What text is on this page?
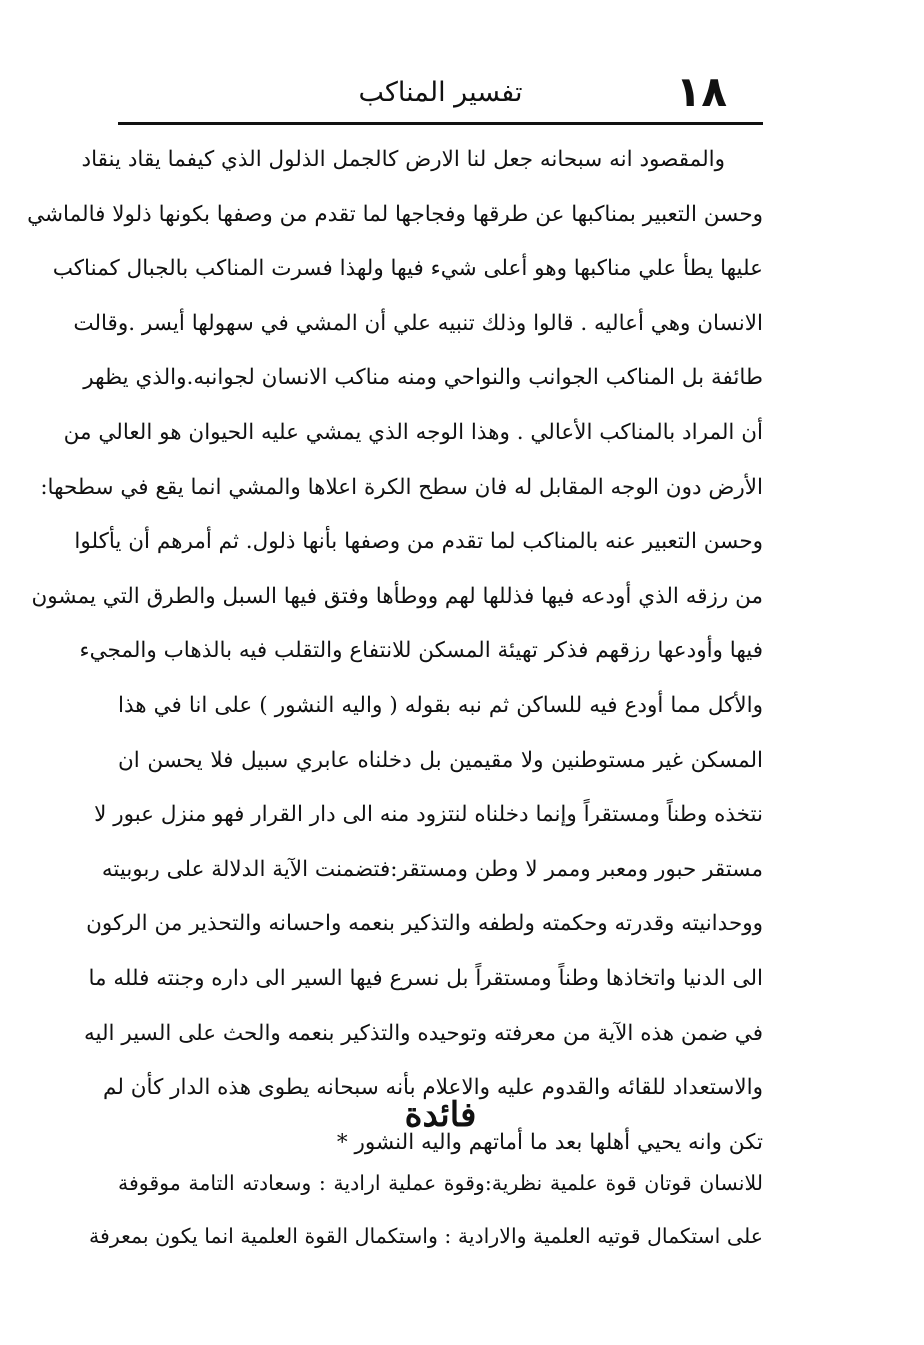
١٨
تفسير المناكب
والمقصود انه سبحانه جعل لنا الارض كالجمل الذلول الذي كيفما يقاد ينقاد
وحسن التعبير بمناكبها عن طرقها وفجاجها لما تقدم من وصفها بكونها ذلولا فالماشي
عليها يطأ علي مناكبها وهو أعلى شيء فيها ولهذا فسرت المناكب بالجبال كمناكب
الانسان وهي أعاليه . قالوا وذلك تنبيه علي أن المشي في سهولها أيسر .وقالت
طائفة بل المناكب الجوانب والنواحي ومنه مناكب الانسان لجوانبه.والذي يظهر
أن المراد بالمناكب الأعالي . وهذا الوجه الذي يمشي عليه الحيوان هو العالي من
الأرض دون الوجه المقابل له فان سطح الكرة اعلاها والمشي انما يقع في سطحها:
وحسن التعبير عنه بالمناكب لما تقدم من وصفها بأنها ذلول. ثم أمرهم أن يأكلوا
من رزقه الذي أودعه فيها فذللها لهم ووطأها وفتق فيها السبل والطرق التي يمشون
فيها وأودعها رزقهم فذكر تهيئة المسكن للانتفاع والتقلب فيه بالذهاب والمجيء
والأكل مما أودع فيه للساكن ثم نبه بقوله ( واليه النشور ) على انا في هذا
المسكن غير مستوطنين ولا مقيمين بل دخلناه عابري سبيل فلا يحسن ان
نتخذه وطناً ومستقراً وإنما دخلناه لنتزود منه الى دار القرار فهو منزل عبور لا
مستقر حبور ومعبر وممر لا وطن ومستقر:فتضمنت الآية الدلالة على ربوبيته
ووحدانيته وقدرته وحكمته ولطفه والتذكير بنعمه واحسانه والتحذير من الركون
الى الدنيا واتخاذها وطناً ومستقراً بل نسرع فيها السير الى داره وجنته فلله ما
في ضمن هذه الآية من معرفته وتوحيده والتذكير بنعمه والحث على السير اليه
والاستعداد للقائه والقدوم عليه والاعلام بأنه سبحانه يطوى هذه الدار كأن لم
تكن وانه يحيي أهلها بعد ما أماتهم واليه النشور *
فائدة
للانسان قوتان قوة علمية نظرية:وقوة عملية ارادية : وسعادته التامة موقوفة
على استكمال قوتيه العلمية والارادية : واستكمال القوة العلمية انما يكون بمعرفة
